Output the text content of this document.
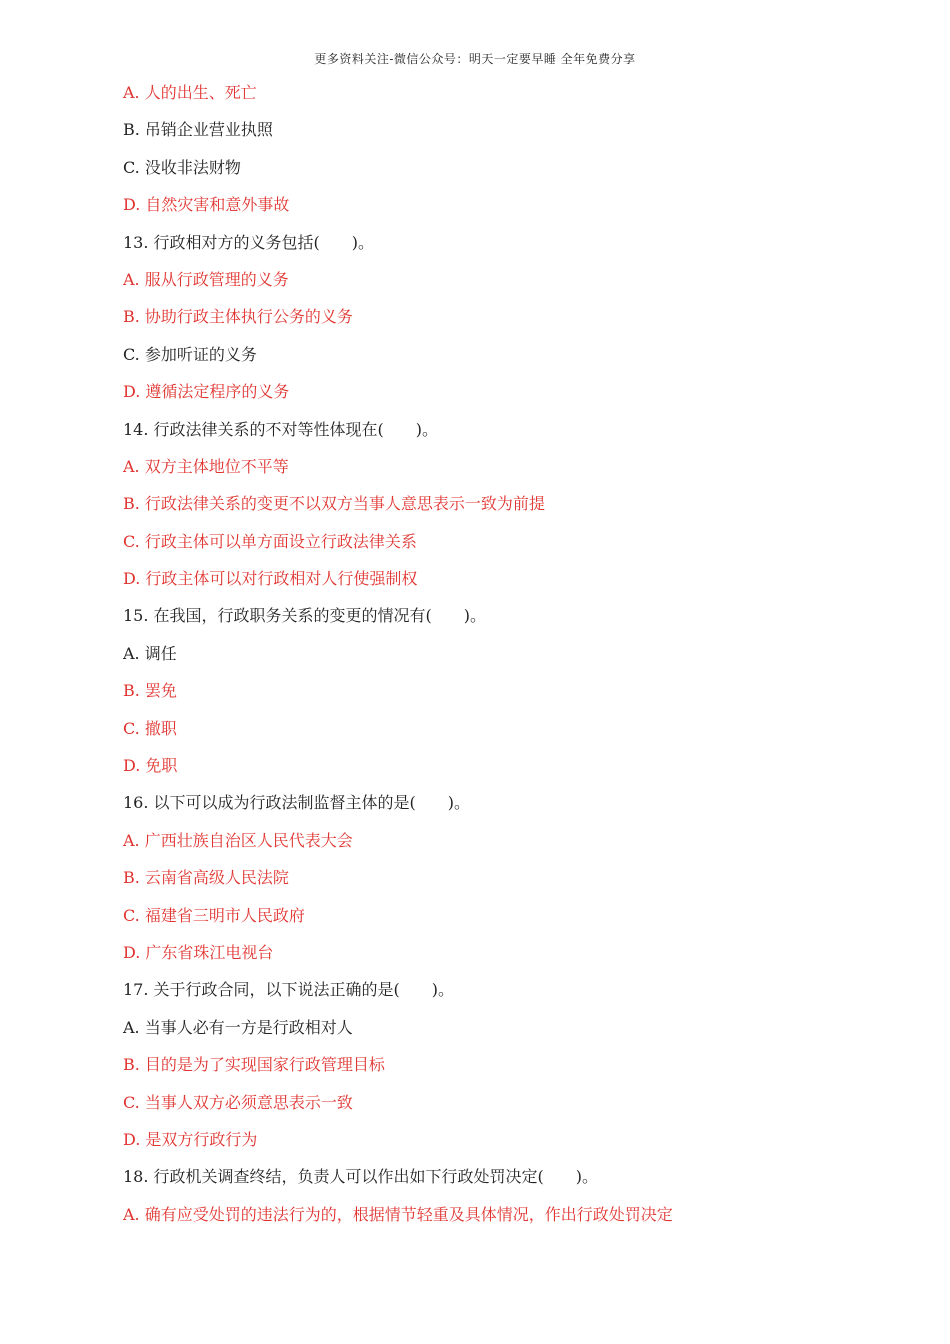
更多资料关注-微信公众号：明天一定要早睡 全年免费分享
A. 人的出生、死亡
B. 吊销企业营业执照
C. 没收非法财物
D. 自然灾害和意外事故
13. 行政相对方的义务包括(　　)。
A. 服从行政管理的义务
B. 协助行政主体执行公务的义务
C. 参加听证的义务
D. 遵循法定程序的义务
14. 行政法律关系的不对等性体现在(　　)。
A. 双方主体地位不平等
B. 行政法律关系的变更不以双方当事人意思表示一致为前提
C. 行政主体可以单方面设立行政法律关系
D. 行政主体可以对行政相对人行使强制权
15. 在我国，行政职务关系的变更的情况有(　　)。
A. 调任
B. 罢免
C. 撤职
D. 免职
16. 以下可以成为行政法制监督主体的是(　　)。
A. 广西壮族自治区人民代表大会
B. 云南省高级人民法院
C. 福建省三明市人民政府
D. 广东省珠江电视台
17. 关于行政合同，以下说法正确的是(　　)。
A. 当事人必有一方是行政相对人
B. 目的是为了实现国家行政管理目标
C. 当事人双方必须意思表示一致
D. 是双方行政行为
18. 行政机关调查终结，负责人可以作出如下行政处罚决定(　　)。
A. 确有应受处罚的违法行为的，根据情节轻重及具体情况，作出行政处罚决定
